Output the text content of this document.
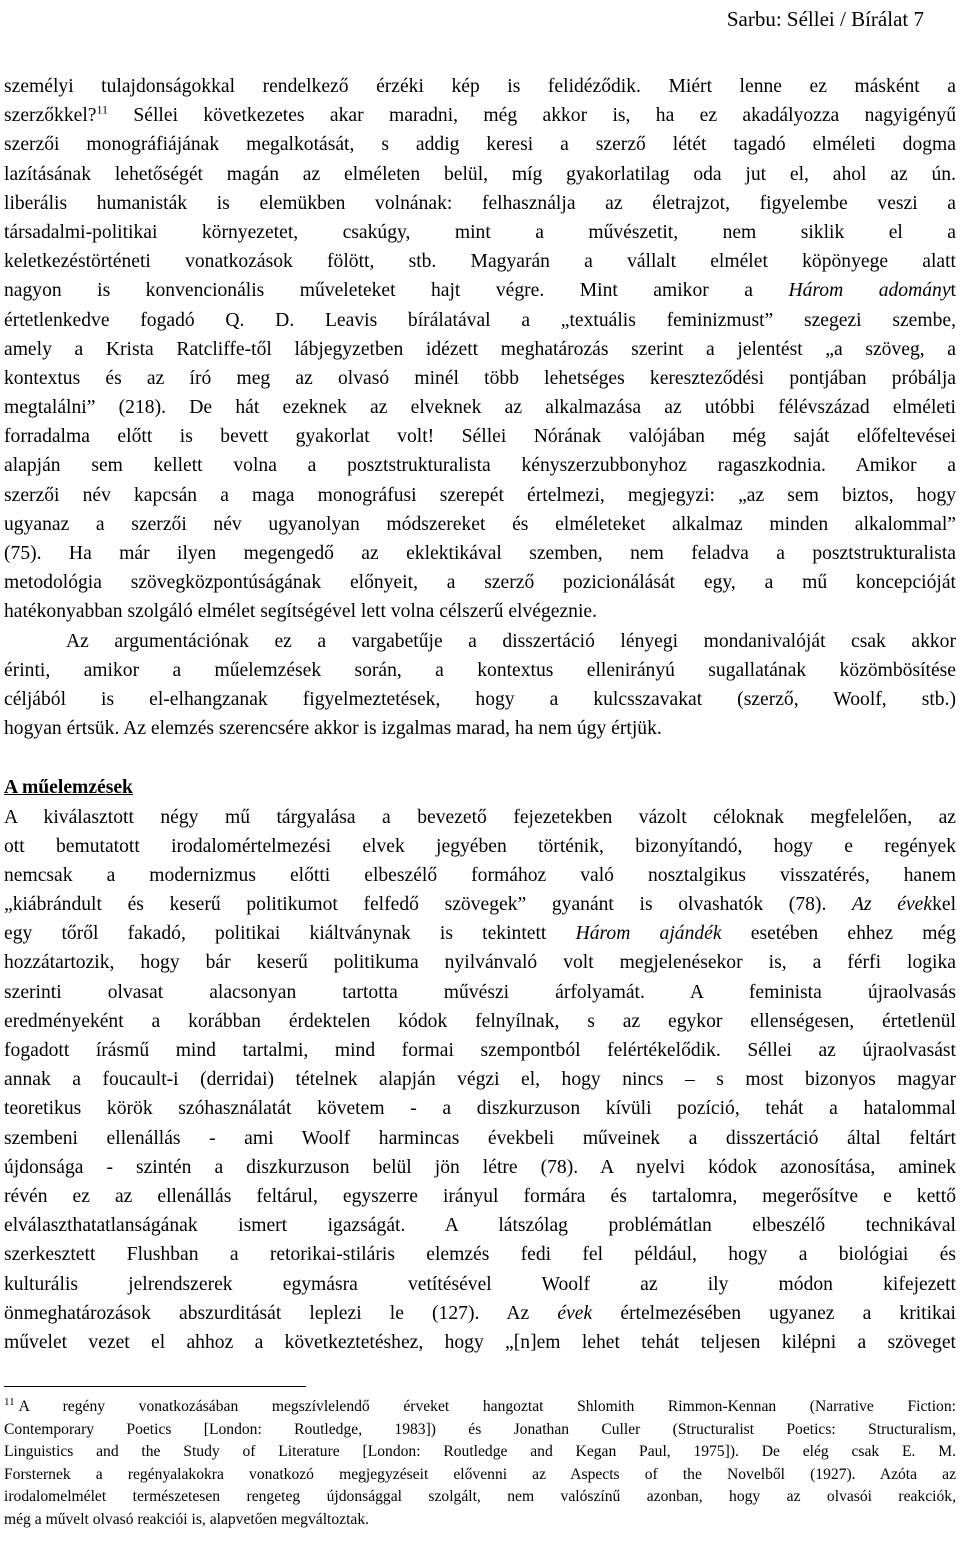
Sarbu: Séllei / Bírálat 7
személyi tulajdonságokkal rendelkező érzéki kép is felidéződik. Miért lenne ez másként a
szerzőkkel?$^{11}$ Séllei következetes akar maradni, még akkor is, ha ez akadályozza nagyigényű
szerzői monográfiájának megalkotását, s addig keresi a szerző létét tagadó elméleti dogma
lazításának lehetőségét magán az elméleten belül, míg gyakorlatilag oda jut el, ahol az ún.
liberális humanisták is elemükben volnának: felhasználja az életrajzot, figyelembe veszi a
társadalmi-politikai környezetet, csakúgy, mint a művészetit, nem siklik el a
keletkezéstörténeti vonatkozások fölött, stb. Magyarán a vállalt elmélet köpönyege alatt
nagyon is konvencionális műveleteket hajt végre. Mint amikor a Három adományt
értetlenkedve fogadó Q. D. Leavis bírálatával a „textuális feminizmust” szegezi szembe,
amely a Krista Ratcliffe-től lábjegyzetben idézett meghatározás szerint a jelentést „a szöveg, a
kontextus és az író meg az olvasó minél több lehetséges kereszteződési pontjában próbálja
megtalálni” (218). De hát ezeknek az elveknek az alkalmazása az utóbbi félévszázad elméleti
forradalma előtt is bevett gyakorlat volt! Séllei Nórának valójában még saját előfeltevései
alapján sem kellett volna a posztstrukturalista kényszerzubbonyhoz ragaszkodnia. Amikor a
szerzői név kapcsán a maga monográfusi szerepét értelmezi, megjegyzi: „az sem biztos, hogy
ugyanaz a szerzői név ugyanolyan módszereket és elméleteket alkalmaz minden alkalommal”
(75). Ha már ilyen megengedő az eklektikával szemben, nem feladva a posztstrukturalista
metodológia szövegközpontúságának előnyeit, a szerző pozicionálását egy, a mű koncepcióját
hatékonyabban szolgáló elmélet segítségével lett volna célszerű elvégeznie.
Az argumentációnak ez a vargabetűje a disszertáció lényegi mondanivalóját csak akkor
érinti, amikor a műelemzések során, a kontextus ellenirányú sugallatának közömbösítése
céljából is el-elhangzanak figyelmeztetések, hogy a kulcsszavakat (szerző, Woolf, stb.)
hogyan értsük. Az elemzés szerencsére akkor is izgalmas marad, ha nem úgy értjük.
A műelemzések
A kiválasztott négy mű tárgyalása a bevezető fejezetekben vázolt céloknak megfelelően, az
ott bemutatott irodalomértelmezési elvek jegyében történik, bizonyítandó, hogy e regények
nemcsak a modernizmus előtti elbeszélő formához való nosztalgikus visszatérés, hanem
„kiábrándult és keserű politikumot felfedő szövegek” gyanánt is olvashatók (78). Az évekkel
egy tőről fakadó, politikai kiáltványnak is tekintett Három ajándék esetében ehhez még
hozzátartozik, hogy bár keserű politikuma nyilvánvaló volt megjelenésekor is, a férfi logika
szerinti olvasat alacsonyan tartotta művészi árfolyamát. A feminista újraolvasás
eredményeként a korábban érdektelen kódok felnyílnak, s az egykor ellenségesen, értetlenül
fogadott írásmű mind tartalmi, mind formai szempontból felértékelődik. Séllei az újraolvasást
annak a foucault-i (derridai) tételnek alapján végzi el, hogy nincs – s most bizonyos magyar
teoretikus körök szóhasználatát követem - a diszkurzuson kívüli pozíció, tehát a hatalommal
szembeni ellenállás - ami Woolf harmincas évekbeli műveinek a disszertáció által feltárt
újdonsága - szintén a diszkurzuson belül jön létre (78). A nyelvi kódok azonosítása, aminek
révén ez az ellenállás feltárul, egyszerre irányul formára és tartalomra, megerősítve e kettő
elválaszthatatlanságának ismert igazságát. A látszólag problémátlan elbeszélő technikával
szerkesztett Flushban a retorikai-stiláris elemzés fedi fel például, hogy a biológiai és
kulturális jelrendszerek egymásra vetítésével Woolf az ily módon kifejezett
önmeghatározások abszurditását leplezi le (127). Az évek értelmezésében ugyanez a kritikai
művelet vezet el ahhoz a következtetéshez, hogy „[n]em lehet tehát teljesen kilépni a szöveget
$^{11}$ A regény vonatkozásában megszívlelendő érveket hangoztat Shlomith Rimmon-Kennan (Narrative Fiction:
Contemporary Poetics [London: Routledge, 1983]) és Jonathan Culler (Structuralist Poetics: Structuralism,
Linguistics and the Study of Literature [London: Routledge and Kegan Paul, 1975]). De elég csak E. M.
Forsternek a regényalakokra vonatkozó megjegyzéseit elővenni az Aspects of the Novelből (1927). Azóta az
irodalomelmélet természetesen rengeteg újdonsággal szolgált, nem valószínű azonban, hogy az olvasói reakciók,
még a művelt olvasó reakciói is, alapvetően megváltoztak.
